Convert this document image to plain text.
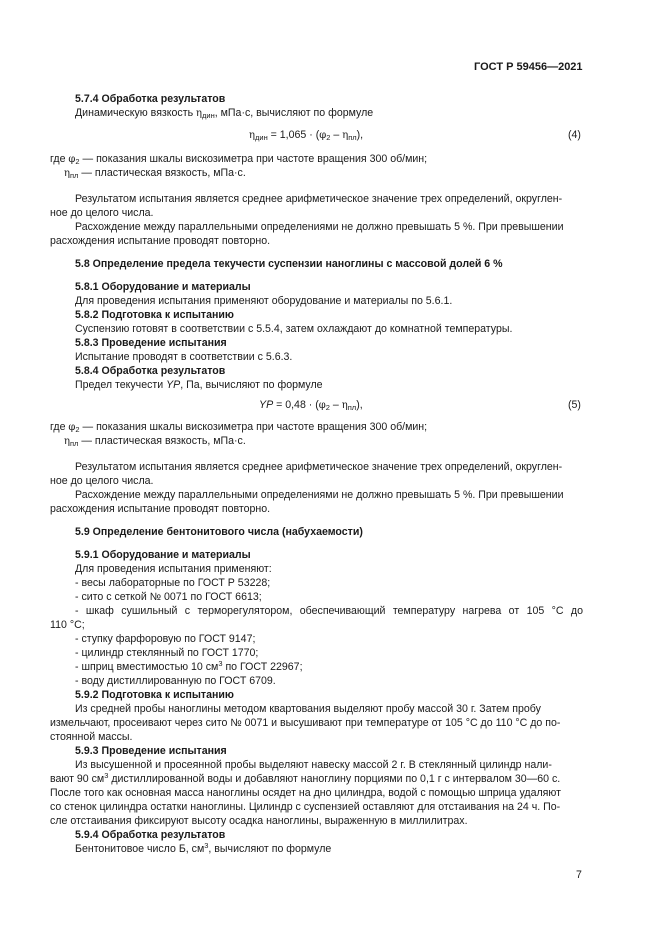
ГОСТ Р 59456—2021
5.7.4 Обработка результатов
Динамическую вязкость $\eta_{дин}$, мПа·с, вычисляют по формуле
$\eta_{дин} = 1,065 \cdot (\varphi_2 - \eta_{пл})$,	(4)
где $\varphi_2$ — показания шкалы вискозиметра при частоте вращения 300 об/мин;
$\eta_{пл}$ — пластическая вязкость, мПа·с.
Результатом испытания является среднее арифметическое значение трех определений, округлен-
ное до целого числа.
Расхождение между параллельными определениями не должно превышать 5 %. При превышении
расхождения испытание проводят повторно.
5.8 Определение предела текучести суспензии наноглины с массовой долей 6 %
5.8.1 Оборудование и материалы
Для проведения испытания применяют оборудование и материалы по 5.6.1.
5.8.2 Подготовка к испытанию
Суспензию готовят в соответствии с 5.5.4, затем охлаждают до комнатной температуры.
5.8.3 Проведение испытания
Испытание проводят в соответствии с 5.6.3.
5.8.4 Обработка результатов
Предел текучести YP, Па, вычисляют по формуле
YP = $0,48 \cdot (\varphi_2 - \eta_{пл})$,	(5)
где $\varphi_2$ — показания шкалы вискозиметра при частоте вращения 300 об/мин;
$\eta_{пл}$ — пластическая вязкость, мПа·с.
Результатом испытания является среднее арифметическое значение трех определений, округлен-
ное до целого числа.
Расхождение между параллельными определениями не должно превышать 5 %. При превышении
расхождения испытание проводят повторно.
5.9 Определение бентонитового числа (набухаемости)
5.9.1 Оборудование и материалы
Для проведения испытания применяют:
- весы лабораторные по ГОСТ Р 53228;
- сито с сеткой № 0071 по ГОСТ 6613;
- шкаф сушильный с терморегулятором, обеспечивающий температуру нагрева от 105 °С до
110 °С;
- ступку фарфоровую по ГОСТ 9147;
- цилиндр стеклянный по ГОСТ 1770;
- шприц вместимостью 10 $см^3$ по ГОСТ 22967;
- воду дистиллированную по ГОСТ 6709.
5.9.2 Подготовка к испытанию
Из средней пробы наноглины методом квартования выделяют пробу массой 30 г. Затем пробу
измельчают, просеивают через сито № 0071 и высушивают при температуре от 105 °С до 110 °С до по-
стоянной массы.
5.9.3 Проведение испытания
Из высушенной и просеянной пробы выделяют навеску массой 2 г. В стеклянный цилиндр нали-
вают 90 $см^3$ дистиллированной воды и добавляют наноглину порциями по 0,1 г с интервалом 30—60 с.
После того как основная масса наноглины осядет на дно цилиндра, водой с помощью шприца удаляют
со стенок цилиндра остатки наноглины. Цилиндр с суспензией оставляют для отстаивания на 24 ч. По-
сле отстаивания фиксируют высоту осадка наноглины, выраженную в миллилитрах.
5.9.4 Обработка результатов
Бентонитовое число Б, $см^3$, вычисляют по формуле
7
